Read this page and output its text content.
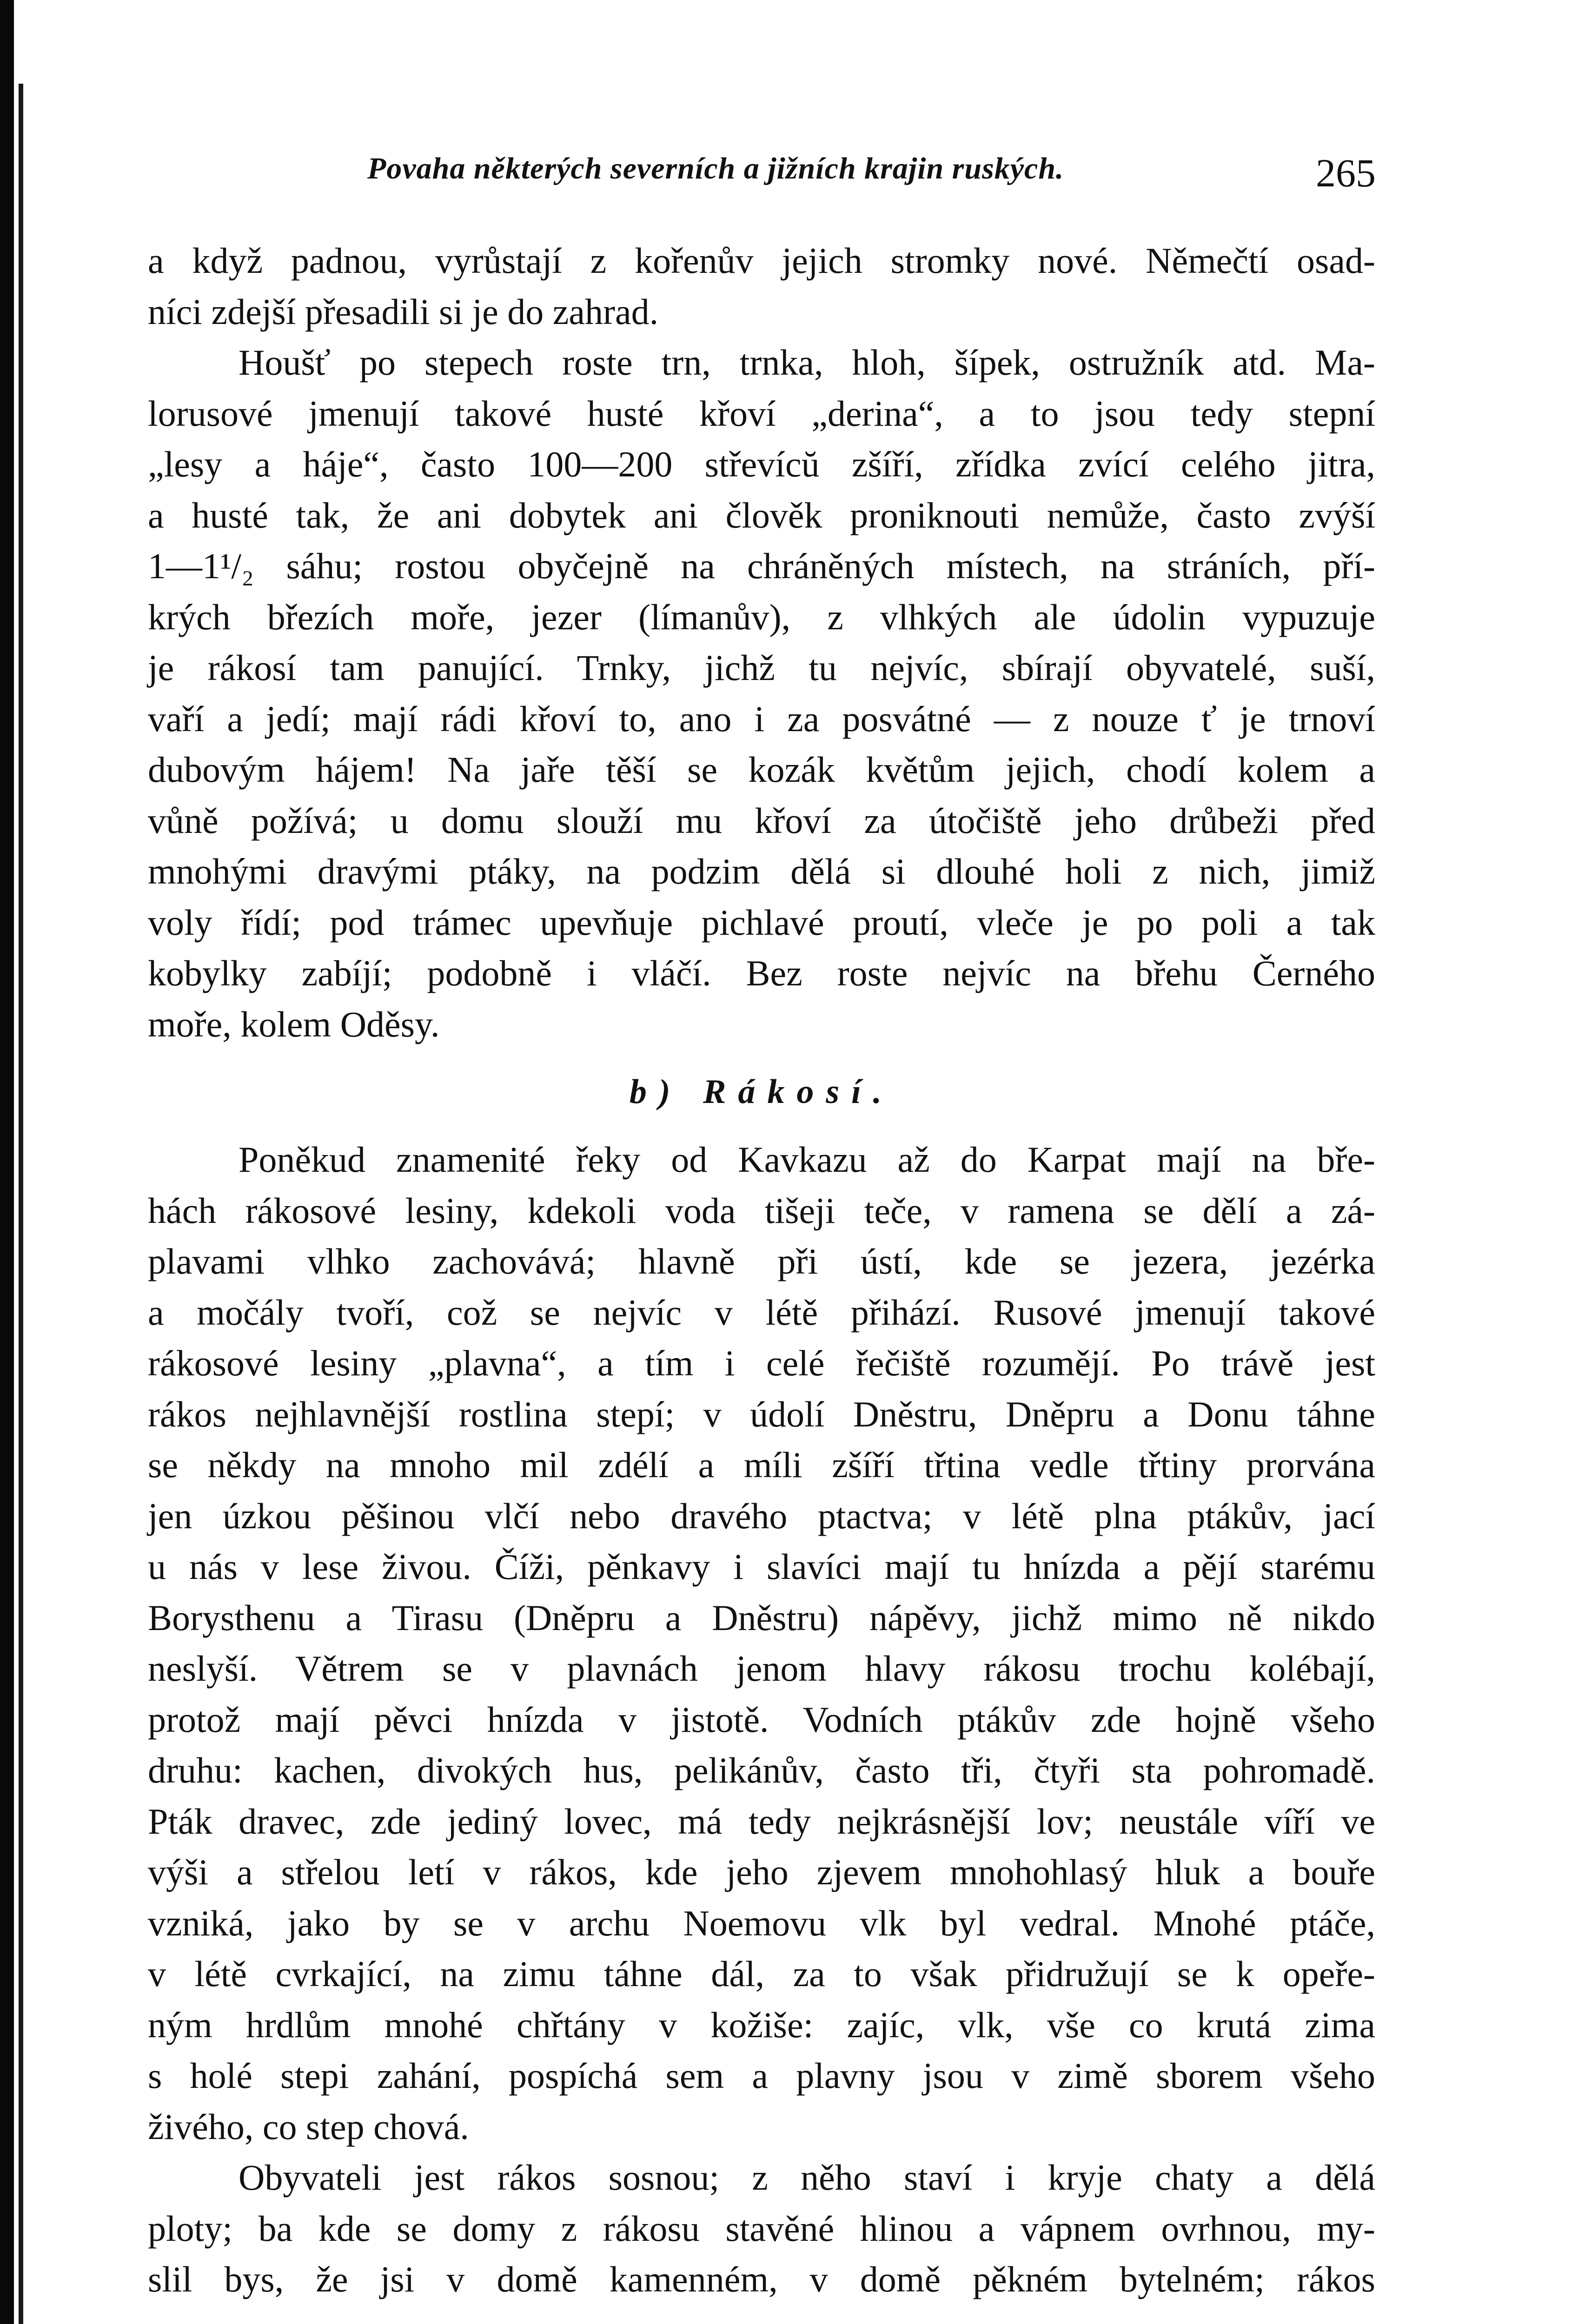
Povaha některých severních a jižních krajin ruských.	265
a když padnou, vyrůstají z kořenův jejich stromky nové. Němečtí osad-
níci zdejší přesadili si je do zahrad.
Houšť po stepech roste trn, trnka, hloh, šípek, ostružník atd. Ma-
lorusové jmenují takové husté křoví „derina“, a to jsou tedy stepní
„lesy a háje“, často 100—200 střevícŭ zšíří, zřídka zvící celého jitra,
a husté tak, že ani dobytek ani člověk proniknouti nemůže, často zvýší
1—1¹/₂ sáhu; rostou obyčejně na chráněných místech, na stráních, pří-
krých březích moře, jezer (límanův), z vlhkých ale údolin vypuzuje
je rákosí tam panující. Trnky, jichž tu nejvíc, sbírají obyvatelé, suší,
vaří a jedí; mají rádi křoví to, ano i za posvátné — z nouze ť je trnoví
dubovým hájem! Na jaře těší se kozák květům jejich, chodí kolem a
vůně požívá; u domu slouží mu křoví za útočiště jeho drůbeži před
mnohými dravými ptáky, na podzim dělá si dlouhé holi z nich, jimiž
voly řídí; pod trámec upevňuje pichlavé proutí, vleče je po poli a tak
kobylky zabíjí; podobně i vláčí. Bez roste nejvíc na břehu Černého
moře, kolem Oděsy.
b) Rákosí.
Poněkud znamenité řeky od Kavkazu až do Karpat mají na bře-
hách rákosové lesiny, kdekoli voda tišeji teče, v ramena se dělí a zá-
plavami vlhko zachovává; hlavně při ústí, kde se jezera, jezérka
a močály tvoří, což se nejvíc v létě přihází. Rusové jmenují takové
rákosové lesiny „plavna“, a tím i celé řečiště rozumějí. Po trávě jest
rákos nejhlavnější rostlina stepí; v údolí Dněstru, Dněpru a Donu táhne
se někdy na mnoho mil zdélí a míli zšíří třtina vedle třtiny prorvána
jen úzkou pěšinou vlčí nebo dravého ptactva; v létě plna ptákův, jací
u nás v lese živou. Číži, pěnkavy i slavíci mají tu hnízda a pějí starému
Borysthenu a Tirasu (Dněpru a Dněstru) nápěvy, jichž mimo ně nikdo
neslyší. Větrem se v plavnách jenom hlavy rákosu trochu kolébají,
protož mají pěvci hnízda v jistotě. Vodních ptákův zde hojně všeho
druhu: kachen, divokých hus, pelikánův, často tři, čtyři sta pohromadě.
Pták dravec, zde jediný lovec, má tedy nejkrásnější lov; neustále víří ve
výši a střelou letí v rákos, kde jeho zjevem mnohohlasý hluk a bouře
vzniká, jako by se v archu Noemovu vlk byl vedral. Mnohé ptáče,
v létě cvrkající, na zimu táhne dál, za to však přidružují se k opeře-
ným hrdlům mnohé chřtány v kožiše: zajíc, vlk, vše co krutá zima
s holé stepi zahání, pospíchá sem a plavny jsou v zimě sborem všeho
živého, co step chová.
Obyvateli jest rákos sosnou; z něho staví i kryje chaty a dělá
ploty; ba kde se domy z rákosu stavěné hlinou a vápnem ovrhnou, my-
slil bys, že jsi v domě kamenném, v domě pěkném bytelném; rákos
